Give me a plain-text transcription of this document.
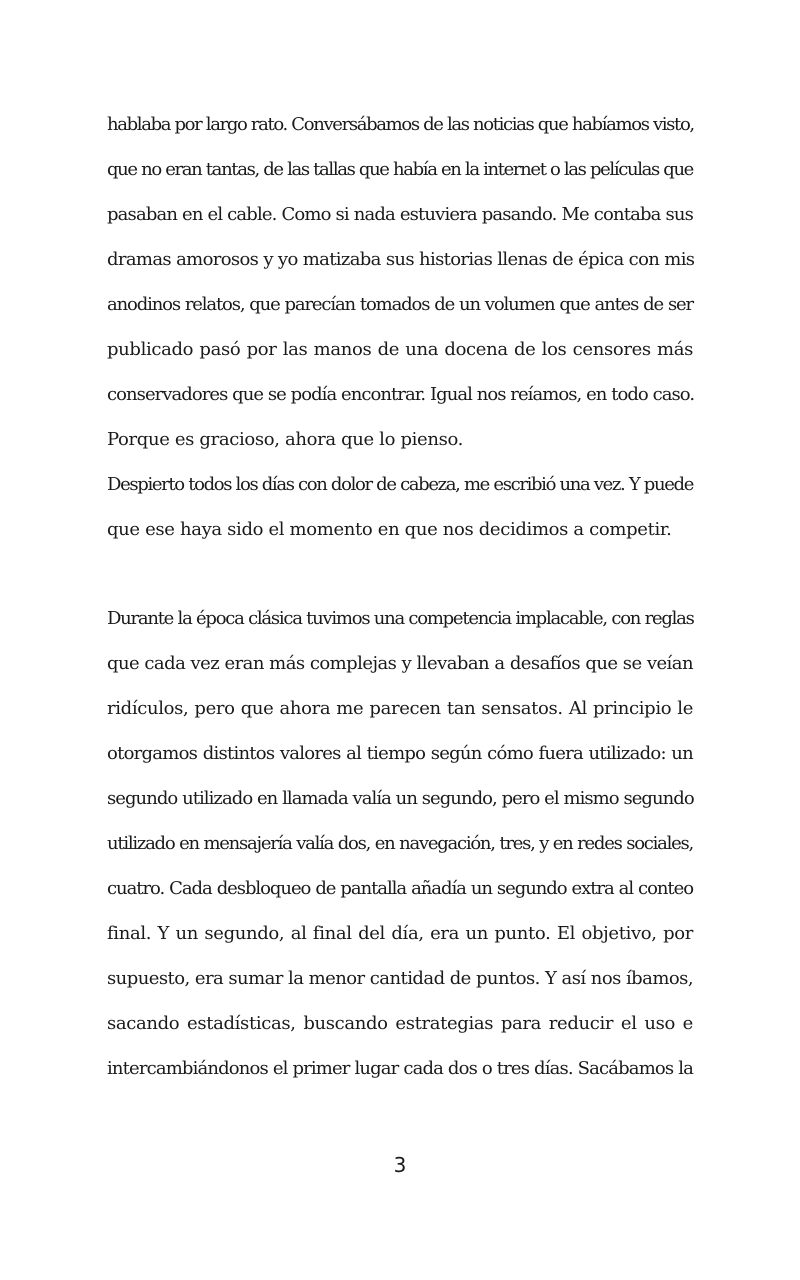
hablaba por largo rato. Conversábamos de las noticias que habíamos visto,
que no eran tantas, de las tallas que había en la internet o las películas que
pasaban en el cable. Como si nada estuviera pasando. Me contaba sus
dramas amorosos y yo matizaba sus historias llenas de épica con mis
anodinos relatos, que parecían tomados de un volumen que antes de ser
publicado pasó por las manos de una docena de los censores más
conservadores que se podía encontrar. Igual nos reíamos, en todo caso.
Porque es gracioso, ahora que lo pienso.
Despierto todos los días con dolor de cabeza, me escribió una vez. Y puede
que ese haya sido el momento en que nos decidimos a competir.
Durante la época clásica tuvimos una competencia implacable, con reglas
que cada vez eran más complejas y llevaban a desafíos que se veían
ridículos, pero que ahora me parecen tan sensatos. Al principio le
otorgamos distintos valores al tiempo según cómo fuera utilizado: un
segundo utilizado en llamada valía un segundo, pero el mismo segundo
utilizado en mensajería valía dos, en navegación, tres, y en redes sociales,
cuatro. Cada desbloqueo de pantalla añadía un segundo extra al conteo
final. Y un segundo, al final del día, era un punto. El objetivo, por
supuesto, era sumar la menor cantidad de puntos. Y así nos íbamos,
sacando estadísticas, buscando estrategias para reducir el uso e
intercambiándonos el primer lugar cada dos o tres días. Sacábamos la
3
